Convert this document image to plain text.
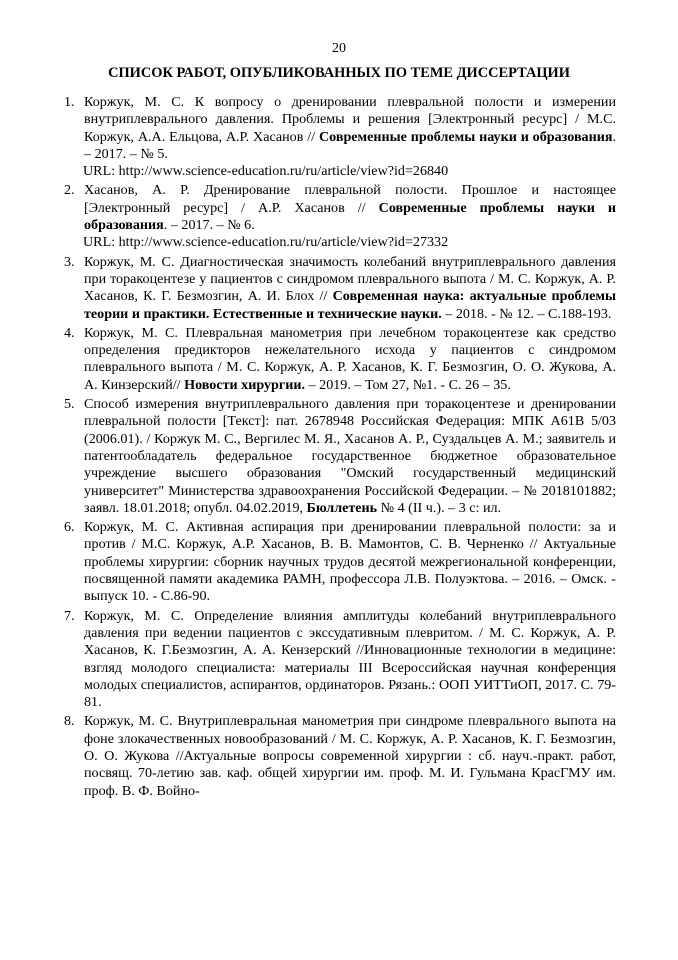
20
СПИСОК РАБОТ, ОПУБЛИКОВАННЫХ ПО ТЕМЕ ДИССЕРТАЦИИ
1. Коржук, М. С. К вопросу о дренировании плевральной полости и измерении внутриплеврального давления. Проблемы и решения [Электронный ресурс] / М.С. Коржук, А.А. Ельцова, А.Р. Хасанов // Современные проблемы науки и образования. – 2017. – № 5.
URL: http://www.science-education.ru/ru/article/view?id=26840
2. Хасанов, А. Р. Дренирование плевральной полости. Прошлое и настоящее [Электронный ресурс] / А.Р. Хасанов // Современные проблемы науки и образования. – 2017. – № 6.
URL: http://www.science-education.ru/ru/article/view?id=27332
3. Коржук, М. С. Диагностическая значимость колебаний внутриплеврального давления при торакоцентезе у пациентов с синдромом плеврального выпота / М. С. Коржук, А. Р. Хасанов, К. Г. Безмозгин, А. И. Блох // Современная наука: актуальные проблемы теории и практики. Естественные и технические науки. – 2018. - № 12. – С.188-193.
4. Коржук, М. С. Плевральная манометрия при лечебном торакоцентезе как средство определения предикторов нежелательного исхода у пациентов с синдромом плеврального выпота / М. С. Коржук, А. Р. Хасанов, К. Г. Безмозгин, О. О. Жукова, А. А. Кинзерский// Новости хирургии. – 2019. – Том 27, №1. - С. 26 – 35.
5. Способ измерения внутриплеврального давления при торакоцентезе и дренировании плевральной полости [Текст]: пат. 2678948 Российская Федерация: МПК А61В 5/03 (2006.01). / Коржук М. С., Вергилес М. Я., Хасанов А. Р., Суздальцев А. М.; заявитель и патентообладатель федеральное государственное бюджетное образовательное учреждение высшего образования "Омский государственный медицинский университет" Министерства здравоохранения Российской Федерации. – № 2018101882; заявл. 18.01.2018; опубл. 04.02.2019, Бюллетень № 4 (II ч.). – 3 с: ил.
6. Коржук, М. С. Активная аспирация при дренировании плевральной полости: за и против / М.С. Коржук, А.Р. Хасанов, В. В. Мамонтов, С. В. Черненко // Актуальные проблемы хирургии: сборник научных трудов десятой межрегиональной конференции, посвященной памяти академика РАМН, профессора Л.В. Полуэктова. – 2016. – Омск. - выпуск 10. - С.86-90.
7. Коржук, М. С. Определение влияния амплитуды колебаний внутриплеврального давления при ведении пациентов с экссудативным плевритом. / М. С. Коржук, А. Р. Хасанов, К. Г.Безмозгин, А. А. Кензерский //Инновационные технологии в медицине: взгляд молодого специалиста: материалы III Всероссийская научная конференция молодых специалистов, аспирантов, ординаторов. Рязань.: ООП УИТТиОП, 2017. С. 79-81.
8. Коржук, М. С. Внутриплевральная манометрия при синдроме плеврального выпота на фоне злокачественных новообразований / М. С. Коржук, А. Р. Хасанов, К. Г. Безмозгин, О. О. Жукова //Актуальные вопросы современной хирургии : сб. науч.-практ. работ, посвящ. 70-летию зав. каф. общей хирургии им. проф. М. И. Гульмана КрасГМУ им. проф. В. Ф. Войно-
